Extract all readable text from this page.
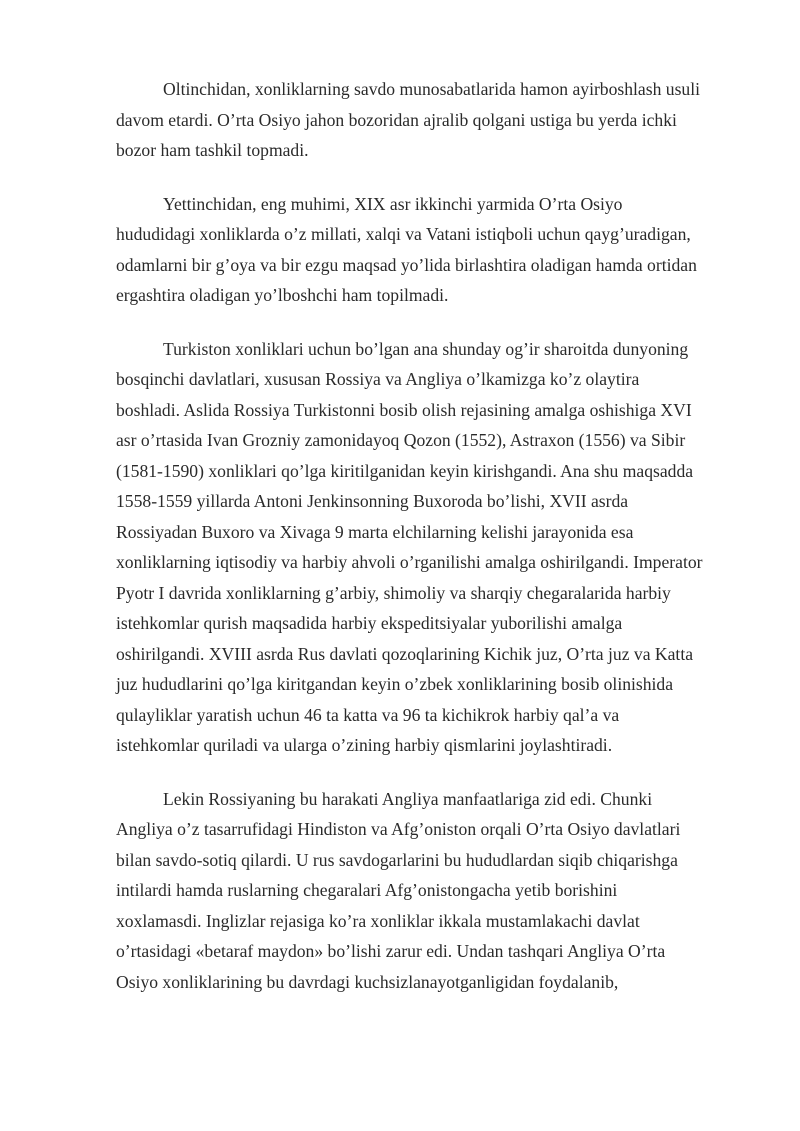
Oltinchidan, xonliklarning savdo munosabatlarida hamon ayirboshlash usuli
davom etardi. O’rta Osiyo jahon bozoridan ajralib qolgani ustiga bu yerda ichki
bozor ham tashkil topmadi.

Yettinchidan, eng muhimi, XIX asr ikkinchi yarmida O’rta Osiyo
hududidagi xonliklarda o’z millati, xalqi va Vatani istiqboli uchun qayg’uradigan,
odamlarni bir g’oya va bir ezgu maqsad yo’lida birlashtira oladigan hamda ortidan
ergashtira oladigan yo’lboshchi ham topilmadi.

Turkiston xonliklari uchun bo’lgan ana shunday og’ir sharoitda dunyoning
bosqinchi davlatlari, xususan Rossiya va Angliya o’lkamizga ko’z olaytira
boshladi. Aslida Rossiya Turkistonni bosib olish rejasining amalga oshishiga XVI
asr o’rtasida Ivan Grozniy zamonidayoq Qozon (1552), Astraxon (1556) va Sibir
(1581-1590) xonliklari qo’lga kiritilganidan keyin kirishgandi. Ana shu maqsadda
1558-1559 yillarda Antoni Jenkinsonning Buxoroda bo’lishi, XVII asrda
Rossiyadan Buxoro va Xivaga 9 marta elchilarning kelishi jarayonida esa
xonliklarning iqtisodiy va harbiy ahvoli o’rganilishi amalga oshirilgandi. Imperator
Pyotr I davrida xonliklarning g’arbiy, shimoliy va sharqiy chegaralarida harbiy
istehkomlar qurish maqsadida harbiy ekspeditsiyalar yuborilishi amalga
oshirilgandi. XVIII asrda Rus davlati qozoqlarining Kichik juz, O’rta juz va Katta
juz hududlarini qo’lga kiritgandan keyin o’zbek xonliklarining bosib olinishida
qulayliklar yaratish uchun 46 ta katta va 96 ta kichikrok harbiy qal’a va
istehkomlar quriladi va ularga o’zining harbiy qismlarini joylashtiradi.

Lekin Rossiyaning bu harakati Angliya manfaatlariga zid edi. Chunki
Angliya o’z tasarrufidagi Hindiston va Afg’oniston orqali O’rta Osiyo davlatlari
bilan savdo-sotiq qilardi. U rus savdogarlarini bu hududlardan siqib chiqarishga
intilardi hamda ruslarning chegaralari Afg’onistongacha yetib borishini
xoxlamasdi. Inglizlar rejasiga ko’ra xonliklar ikkala mustamlakachi davlat
o’rtasidagi «betaraf maydon» bo’lishi zarur edi. Undan tashqari Angliya O’rta
Osiyo xonliklarining bu davrdagi kuchsizlanayotganligidan foydalanib,
